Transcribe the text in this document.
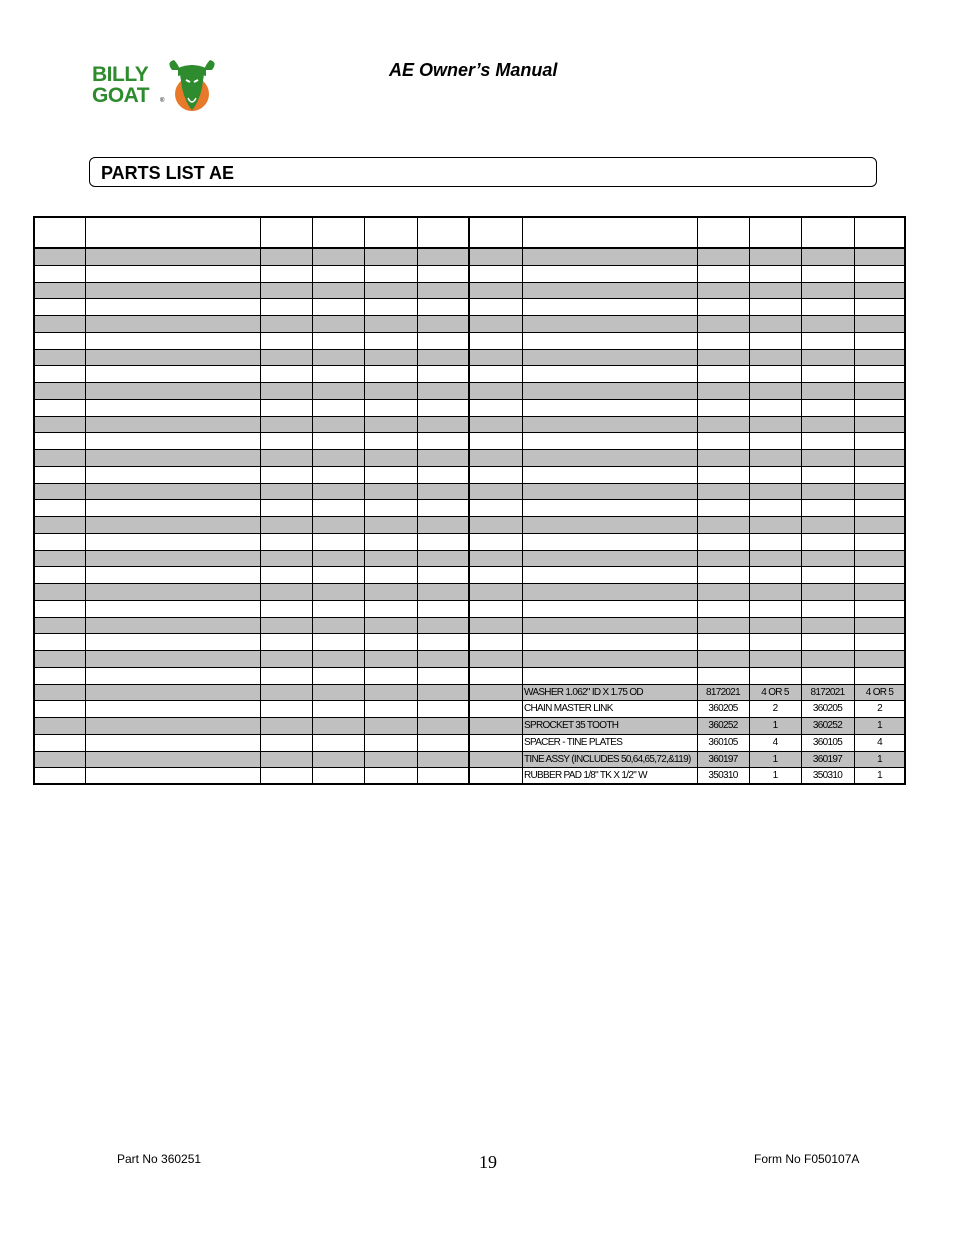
BILLY
GOAT ®
AE Owner’s Manual
PARTS LIST AE
WASHER 1.062" ID X 1.75 OD	8172021	4 OR 5	8172021	4 OR 5
CHAIN MASTER LINK	360205	2	360205	2
SPROCKET 35 TOOTH	360252	1	360252	1
SPACER - TINE PLATES	360105	4	360105	4
TINE ASSY (INCLUDES 50,64,65,72,&119)	360197	1	360197	1
RUBBER PAD 1/8" TK X 1/2" W	350310	1	350310	1
Part No 360251	19	Form No F050107A
